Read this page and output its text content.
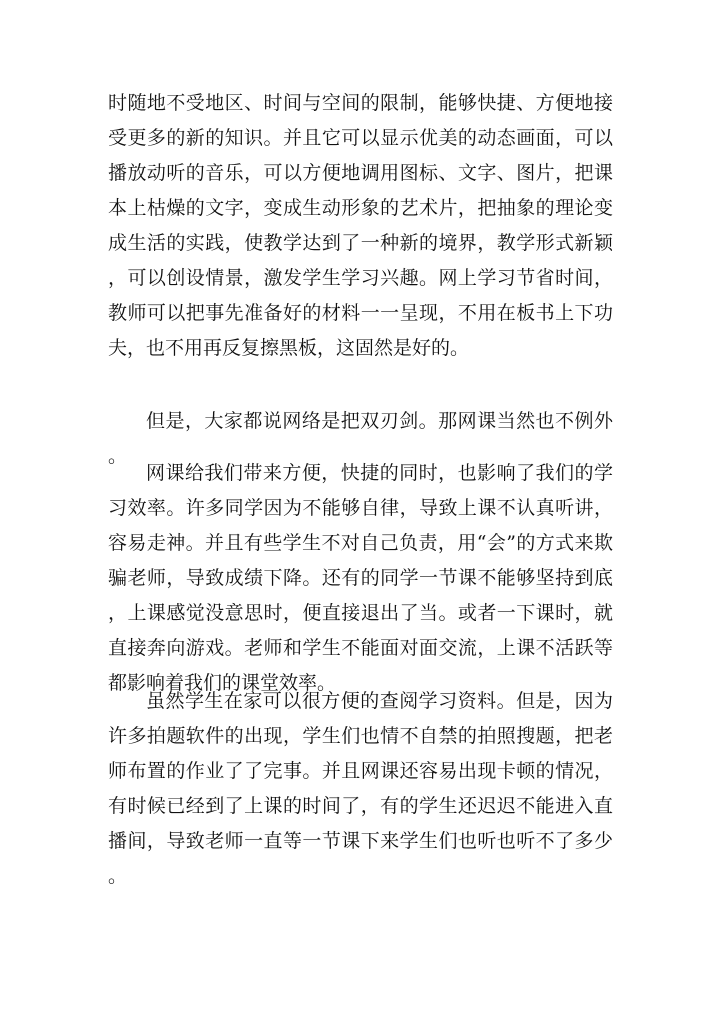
时随地不受地区、时间与空间的限制，能够快捷、方便地接受更多的新的知识。并且它可以显示优美的动态画面，可以播放动听的音乐，可以方便地调用图标、文字、图片，把课本上枯燥的文字，变成生动形象的艺术片，把抽象的理论变成生活的实践，使教学达到了一种新的境界，教学形式新颖，可以创设情景，激发学生学习兴趣。网上学习节省时间，教师可以把事先准备好的材料一一呈现，不用在板书上下功夫，也不用再反复擦黑板，这固然是好的。

但是，大家都说网络是把双刃剑。那网课当然也不例外。

网课给我们带来方便，快捷的同时，也影响了我们的学习效率。许多同学因为不能够自律，导致上课不认真听讲，容易走神。并且有些学生不对自己负责，用“会”的方式来欺骗老师，导致成绩下降。还有的同学一节课不能够坚持到底，上课感觉没意思时，便直接退出了当。或者一下课时，就直接奔向游戏。老师和学生不能面对面交流，上课不活跃等都影响着我们的课堂效率。

虽然学生在家可以很方便的查阅学习资料。但是，因为许多拍题软件的出现，学生们也情不自禁的拍照搜题，把老师布置的作业了了完事。并且网课还容易出现卡顿的情况，有时候已经到了上课的时间了，有的学生还迟迟不能进入直播间，导致老师一直等一节课下来学生们也听也听不了多少。
